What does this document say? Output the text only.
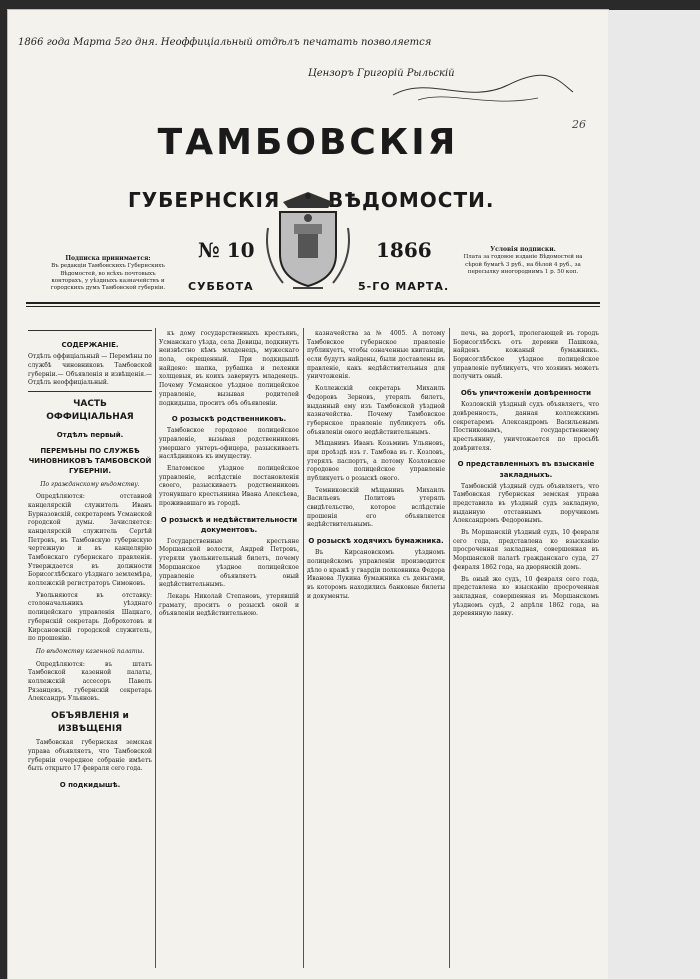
1866 года Марта 5го дня. Неоффиціальный отдѣлъ печатать позволяется
Цензоръ Григорій Рыльскій
26
ТАМБОВСКІЯ
ГУБЕРНСКІЯ ВѢДОМОСТИ.
№ 10	1866
СУББОТА	5-ГО МАРТА.
Подписка принимается:
Въ редакціи Тамбовскихъ Губернскихъ Вѣдомостей, во всѣхъ почтовыхъ конторахъ, у уѣздныхъ казначействъ и городскихъ думъ Тамбовской губерніи.
Условія подписки.
Плата за годовое изданіе Вѣдомостей на сѣрой бумагѣ 3 руб., на бѣлой 4 руб., за пересылку иногороднимъ 1 р. 50 коп.
СОДЕРЖАНІЕ.
Отдѣлъ оффиціальный — Перемѣны по службѣ чиновниковъ Тамбовской губерніи.— Объявленія и извѣщенія.— Отдѣлъ неоффиціальный.
ЧАСТЬ ОФФИЦІАЛЬНАЯ
Отдѣлъ первый.
ПЕРЕМѢНЫ ПО СЛУЖБѢ ЧИНОВНИКОВЪ ТАМБОВСКОЙ ГУБЕРНІИ.
По гражданскому вѣдомству.

Опредѣляются: отставной канцелярскій служитель Иванъ Бурназовскій, секретаремъ Усманской городской думы. Зачисляется: канцелярскій служитель Сергѣй Петровъ, въ Тамбовскую губернскую чертежную и въ канцелярію Тамбовскаго губернскаго правленія. Утверждается въ должности Борисоглѣбскаго уѣзднаго землемѣра, коллежскій регистраторъ Симоновъ.

Увольняются въ отставку: столоначальникъ уѣзднаго полицейскаго управленія Шацкаго, губернскій секретарь Доброхотовъ и Кирсановскій городской служитель, по прошенію.

По вѣдомству казенной палаты.

Опредѣляются: въ штатъ Тамбовской казенной палаты, коллежскій ассесоръ Павелъ Рязанцевъ, губернскій секретарь Александръ Ульяновъ.

ОБЪЯВЛЕНІЯ и ИЗВѢЩЕНІЯ

Тамбовская губернская земская управа объявляетъ, что Тамбовской губерніи очередное собраніе имѣетъ быть открыто 17 февраля сего года.

О подкидышѣ.

къ дому государственныхъ крестьянъ, Усманскаго уѣзда, села Девицы, подкинутъ неизвѣстно кѣмъ младенецъ, мужескаго пола, окрещенный. При подкидышѣ найдено: шапка, рубашка и пеленки холщевыя, въ коихъ завернутъ младенецъ. Почему Усманское уѣздное полицейское управленіе, вызывая родителей подкидыша, проситъ объ объявленіи.

О розыскѣ родственниковъ.

Тамбовское городовое полицейское управленіе, вызывая родственниковъ умершаго унтеръ-офицера, разыскиваетъ наслѣдниковъ къ имуществу.

Елатомское уѣздное полицейское управленіе, вслѣдствіе постановленія своего, разыскиваетъ родственниковъ утонувшаго крестьянина Ивана Алексѣева, проживавшаго въ городѣ.

О розыскѣ и недѣйствительности документовъ.

Государственные крестьяне Моршанской волости, Андрей Петровъ, утеряли увольнительный билетъ, почему Моршанское уѣздное полицейское управленіе объявляетъ оный недѣйствительнымъ.

Лекарь Николай Степановъ, утерявшій грамату, проситъ о розыскѣ оной и объявленіи недѣйствительною.

казначейства за № 4005. А потому Тамбовское губернское правленіе публикуетъ, чтобы означенные квитанціи, если будутъ найдены, были доставлены въ правленіе, какъ недѣйствительныя для уничтоженія.

Коллежскій секретарь Михаилъ Федоровъ Зерновъ, утерялъ билетъ, выданный ему изъ Тамбовской уѣздной казначейства. Почему Тамбовское губернское правленіе публикуетъ объ объявленіи оного недѣйствительнымъ.

Мѣщанинъ Иванъ Козьминъ Ульяновъ, при проѣздѣ изъ г. Тамбова въ г. Козловъ, утерялъ паспортъ, а потому Козловское городовое полицейское управленіе публикуетъ о розыскѣ оного.

Темниковскій мѣщанинъ Михаилъ Васильевъ Политовъ утерялъ свидѣтельство, которое вслѣдствіе прошенія его объявляется недѣйствительнымъ.

О розыскѣ ходячихъ бумажника.

Въ Кирсановскомъ уѣздномъ полицейскомъ управленіи производится дѣло о кражѣ у гвардіи полковника Федора Иванова Лукина бумажника съ деньгами, въ которомъ находились банковые билеты и документы.

печь, на дорогѣ, пролегающей въ городъ Борисоглѣбскъ отъ деревни Пашкова, найденъ кожаный бумажникъ. Борисоглѣбское уѣздное полицейское управленіе публикуетъ, что хозяинъ можетъ получить оный.

Объ упичтоженіи довѣренности

Козловскій уѣздный судъ объявляетъ, что довѣренность, данная коллежскимъ секретаремъ Александромъ Васильевымъ Постниковымъ, государственному крестьянину, уничтожается по просьбѣ довѣрителя.

О представленныхъ въ взысканіе закладныхъ.

Тамбовскій уѣздный судъ объявляетъ, что Тамбовская губернская земская управа представила въ уѣздный судъ закладную, выданную отставнымъ поручикомъ Александромъ Федоровымъ.

Въ Моршанскій уѣздный судъ, 10 февраля сего года, представлена ко взысканію просроченная закладная, совершенная въ Моршанской палатѣ гражданскаго суда, 27 февраля 1862 года, на дворянскій домъ.

Въ оный же судъ, 10 февраля сего года, представлена ко взысканію просроченная закладная, совершенная въ Моршанскомъ уѣздномъ судѣ, 2 апрѣля 1862 года, на деревянную лавку.
